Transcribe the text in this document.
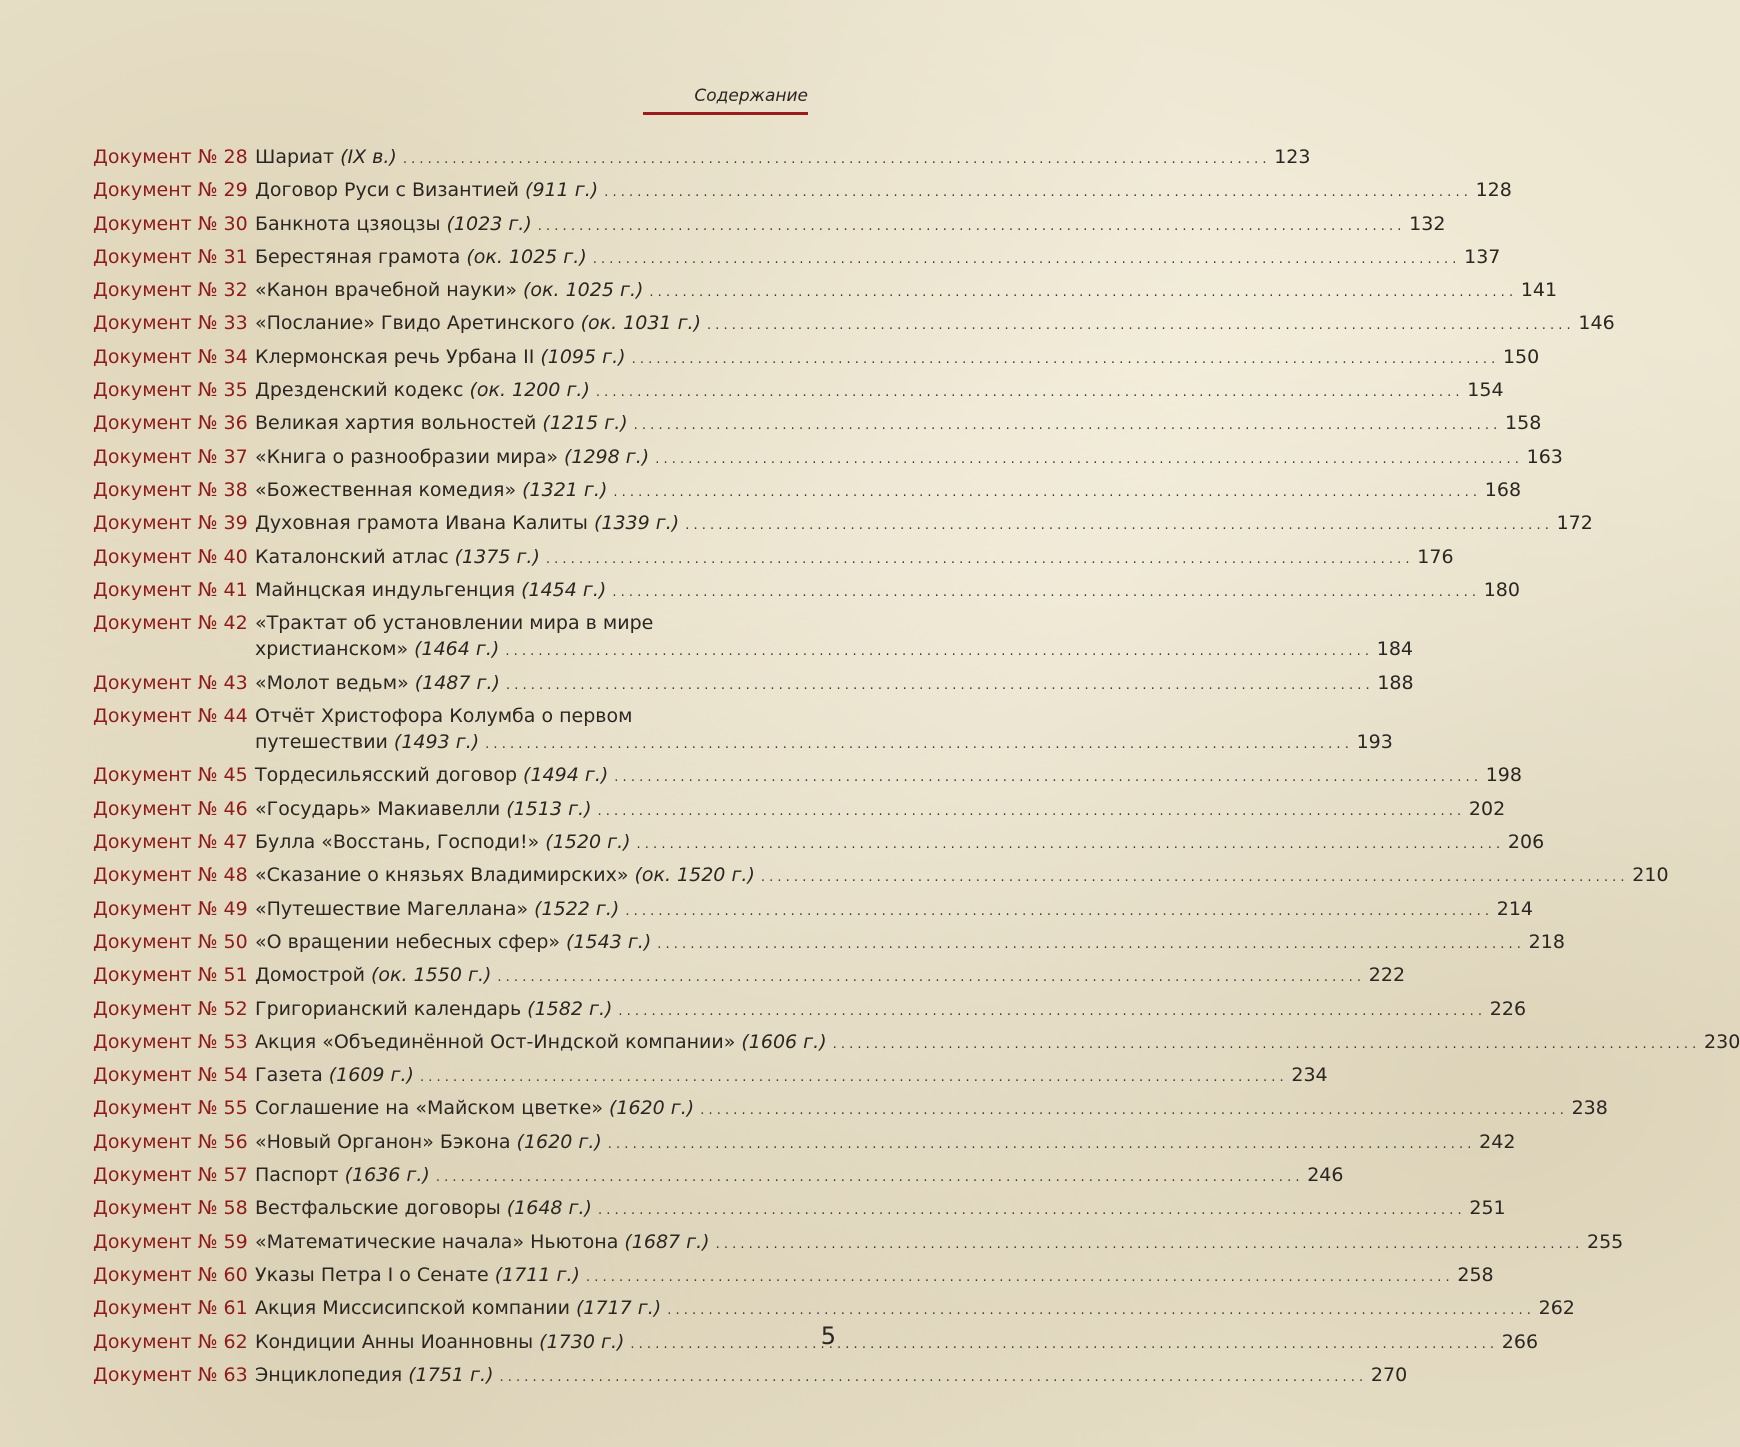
Содержание
Документ № 28 Шариат (IX в.) . . .	123
Документ № 29 Договор Руси с Византией (911 г.) . . .	128
Документ № 30 Банкнота цзяоцзы (1023 г.) . . .	132
Документ № 31 Берестяная грамота (ок. 1025 г.) . . .	137
Документ № 32 «Канон врачебной науки» (ок. 1025 г.) . . .	141
Документ № 33 «Послание» Гвидо Аретинского (ок. 1031 г.) . . .	146
Документ № 34 Клермонская речь Урбана II (1095 г.) . . .	150
Документ № 35 Дрезденский кодекс (ок. 1200 г.) . . .	154
Документ № 36 Великая хартия вольностей (1215 г.) . . .	158
Документ № 37 «Книга о разнообразии мира» (1298 г.) . . .	163
Документ № 38 «Божественная комедия» (1321 г.) . . .	168
Документ № 39 Духовная грамота Ивана Калиты (1339 г.) . . .	172
Документ № 40 Каталонский атлас (1375 г.) . . .	176
Документ № 41 Майнцская индульгенция (1454 г.) . . .	180
Документ № 42 «Трактат об установлении мира в мире
христианском» (1464 г.) . . .	184
Документ № 43 «Молот ведьм» (1487 г.) . . .	188
Документ № 44 Отчёт Христофора Колумба о первом
путешествии (1493 г.) . . .	193
Документ № 45 Тордесильясский договор (1494 г.) . . .	198
Документ № 46 «Государь» Макиавелли (1513 г.) . . .	202
Документ № 47 Булла «Восстань, Господи!» (1520 г.) . . .	206
Документ № 48 «Сказание о князьях Владимирских» (ок. 1520 г.) . . .	210
Документ № 49 «Путешествие Магеллана» (1522 г.) . . .	214
Документ № 50 «О вращении небесных сфер» (1543 г.) . . .	218
Документ № 51 Домострой (ок. 1550 г.) . . .	222
Документ № 52 Григорианский календарь (1582 г.) . . .	226
Документ № 53 Акция «Объединённой Ост-Индской компании» (1606 г.) . . .	230
Документ № 54 Газета (1609 г.) . . .	234
Документ № 55 Соглашение на «Майском цветке» (1620 г.) . . .	238
Документ № 56 «Новый Органон» Бэкона (1620 г.) . . .	242
Документ № 57 Паспорт (1636 г.) . . .	246
Документ № 58 Вестфальские договоры (1648 г.) . . .	251
Документ № 59 «Математические начала» Ньютона (1687 г.) . . .	255
Документ № 60 Указы Петра I о Сенате (1711 г.) . . .	258
Документ № 61 Акция Миссисипской компании (1717 г.) . . .	262
Документ № 62 Кондиции Анны Иоанновны (1730 г.) . . .	266
Документ № 63 Энциклопедия (1751 г.) . . .	270
5
